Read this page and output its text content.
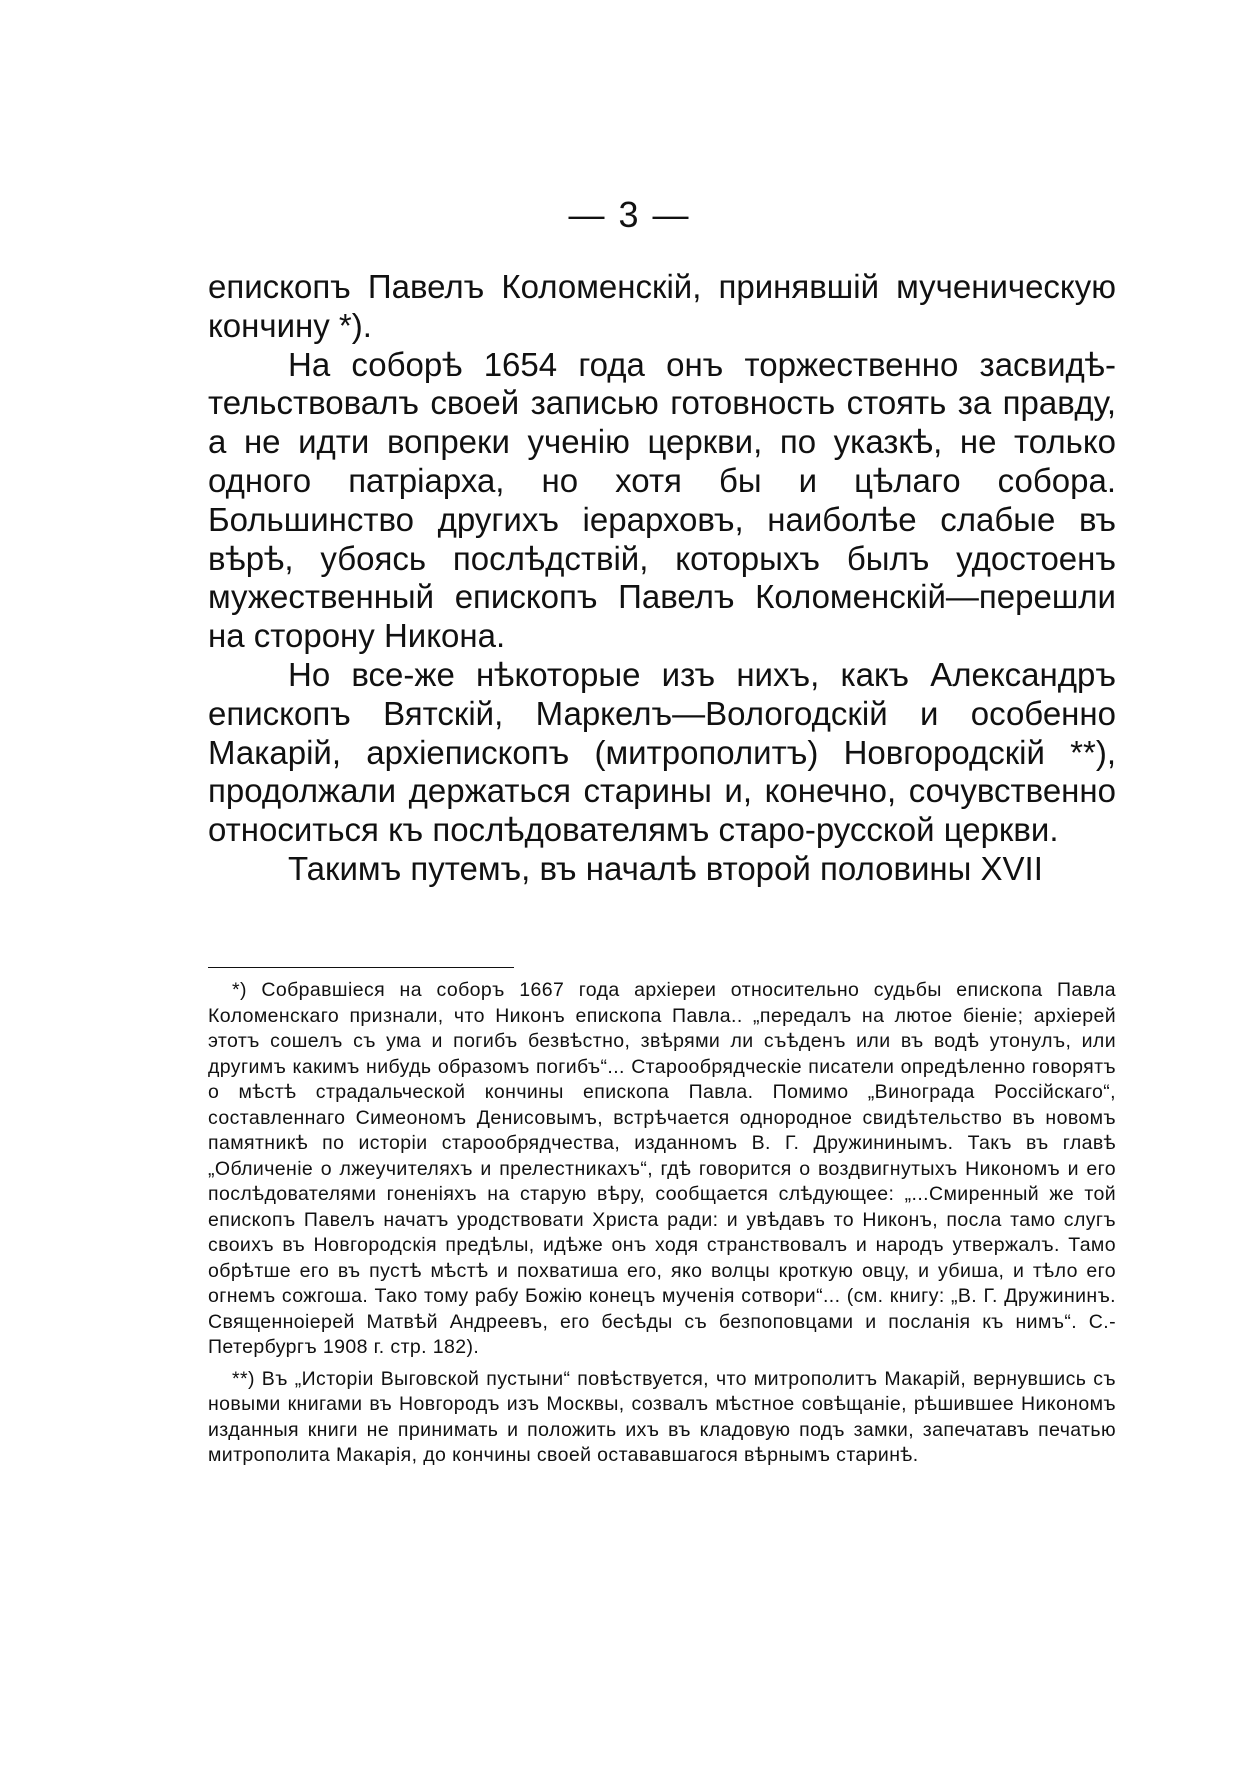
— 3 —

епископъ Павелъ Коломенскій, принявшій мученическую кончину *).

На соборѣ 1654 года онъ торжественно засвидѣтельствовалъ своей записью готовность стоять за правду, а не идти вопреки ученію церкви, по указкѣ, не только одного патріарха, но хотя бы и цѣлаго собора. Большинство другихъ іерарховъ, наиболѣе слабые въ вѣрѣ, убоясь послѣдствій, которыхъ былъ удостоенъ мужественный епископъ Павелъ Коломенскій—перешли на сторону Никона.

Но все-же нѣкоторые изъ нихъ, какъ Александръ епископъ Вятскій, Маркелъ—Вологодскій и особенно Макарій, архіепископъ (митрополитъ) Новгородскій **), продолжали держаться старины и, конечно, сочувственно относиться къ послѣдователямъ старо-русской церкви.

Такимъ путемъ, въ началѣ второй половины XVII

*) Собравшіеся на соборъ 1667 года архіереи относительно судьбы епископа Павла Коломенскаго признали, что Никонъ епископа Павла.. „передалъ на лютое біеніе; архіерей этотъ сошелъ съ ума и погибъ безвѣстно, звѣрями ли съѣденъ или въ водѣ утонулъ, или другимъ какимъ нибудь образомъ погибъ“... Старообрядческіе писатели опредѣленно говорятъ о мѣстѣ страдальческой кончины епископа Павла. Помимо „Винограда Россійскаго“, составленнаго Симеономъ Денисовымъ, встрѣчается однородное свидѣтельство въ новомъ памятникѣ по исторіи старообрядчества, изданномъ В. Г. Дружининымъ. Такъ въ главѣ „Обличеніе о лжеучителяхъ и прелестникахъ“, гдѣ говорится о воздвигнутыхъ Никономъ и его послѣдователями гоненіяхъ на старую вѣру, сообщается слѣдующее: „...Смиренный же той епископъ Павелъ начатъ уродствовати Христа ради: и увѣдавъ то Никонъ, посла тамо слугъ своихъ въ Новгородскія предѣлы, идѣже онъ ходя странствовалъ и народъ утвержалъ. Тамо обрѣтше его въ пустѣ мѣстѣ и похватиша его, яко волцы кроткую овцу, и убиша, и тѣло его огнемъ сожгоша. Тако тому рабу Божію конецъ мученія сотвори“... (см. книгу: „В. Г. Дружининъ. Священноіерей Матвѣй Андреевъ, его бесѣды съ безпоповцами и посланія къ нимъ“. С.-Петербургъ 1908 г. стр. 182).

**) Въ „Исторіи Выговской пустыни“ повѣствуется, что митрополитъ Макарій, вернувшись съ новыми книгами въ Новгородъ изъ Москвы, созвалъ мѣстное совѣщаніе, рѣшившее Никономъ изданныя книги не принимать и положить ихъ въ кладовую подъ замки, запечатавъ печатью митрополита Макарія, до кончины своей остававшагося вѣрнымъ старинѣ.
